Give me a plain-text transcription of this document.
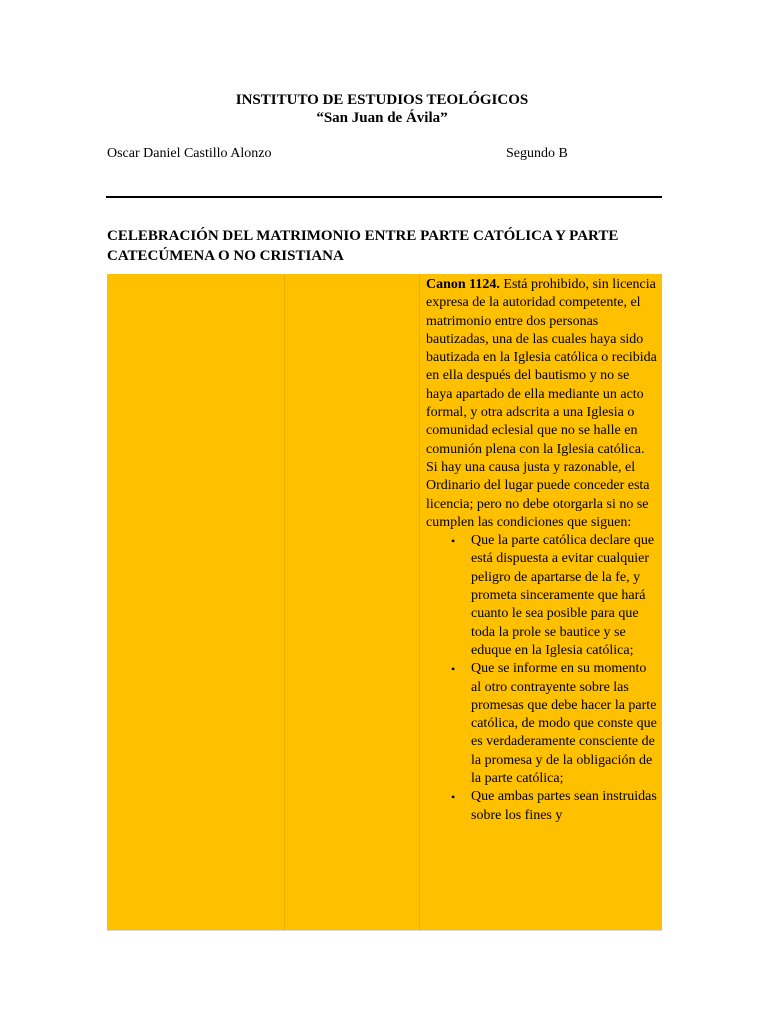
INSTITUTO DE ESTUDIOS TEOLÓGICOS
“San Juan de Ávila”
Oscar Daniel Castillo Alonzo	Segundo B
CELEBRACIÓN DEL MATRIMONIO ENTRE PARTE CATÓLICA Y PARTE CATECÚMENA O NO CRISTIANA

Canon 1124. Está prohibido, sin licencia expresa de la autoridad competente, el matrimonio entre dos personas bautizadas, una de las cuales haya sido bautizada en la Iglesia católica o recibida en ella después del bautismo y no se haya apartado de ella mediante un acto formal, y otra adscrita a una Iglesia o comunidad eclesial que no se halle en comunión plena con la Iglesia católica.

Si hay una causa justa y razonable, el Ordinario del lugar puede conceder esta licencia; pero no debe otorgarla si no se cumplen las condiciones que siguen:

• Que la parte católica declare que está dispuesta a evitar cualquier peligro de apartarse de la fe, y prometa sinceramente que hará cuanto le sea posible para que toda la prole se bautice y se eduque en la Iglesia católica;
• Que se informe en su momento al otro contrayente sobre las promesas que debe hacer la parte católica, de modo que conste que es verdaderamente consciente de la promesa y de la obligación de la parte católica;
• Que ambas partes sean instruidas sobre los fines y
